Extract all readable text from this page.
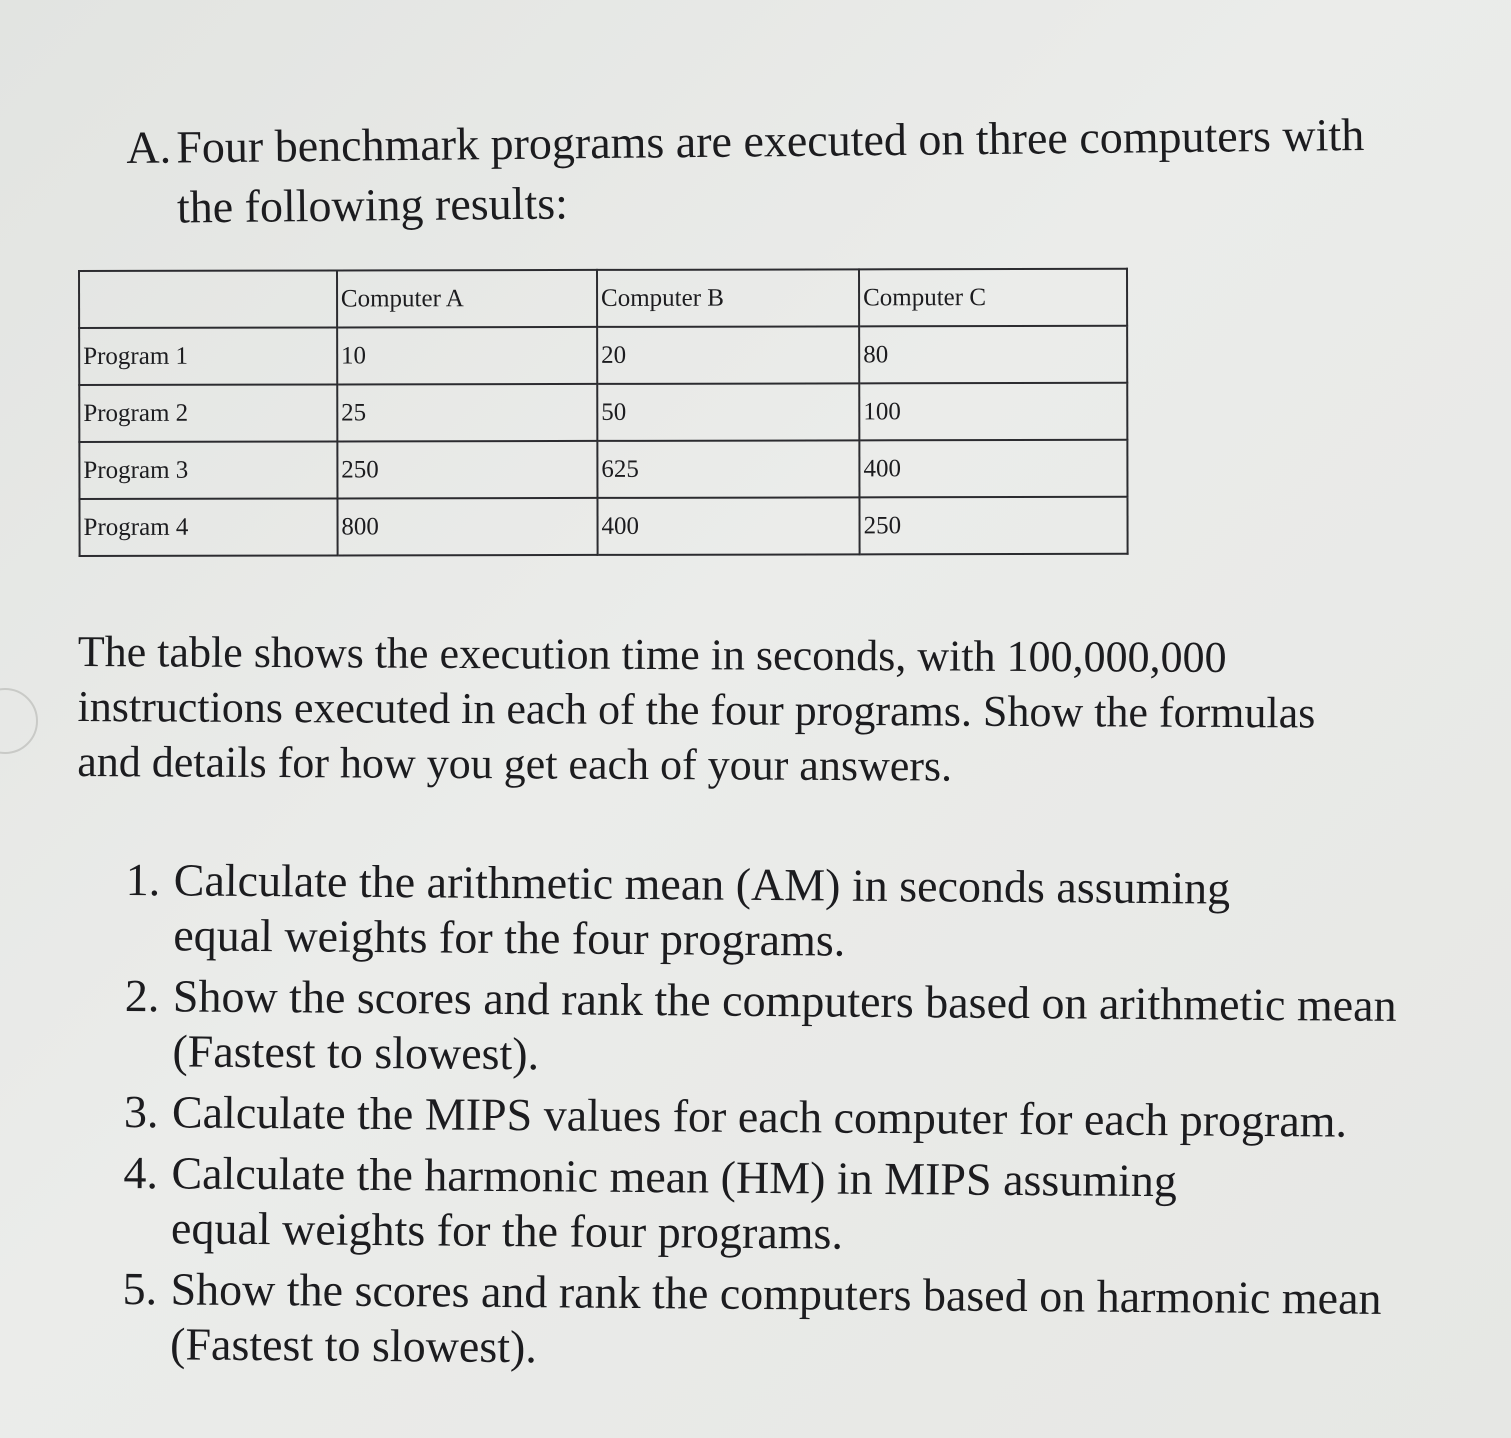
A. Four benchmark programs are executed on three computers with
the following results:
	Computer A	Computer B	Computer C
Program 1	10	20	80
Program 2	25	50	100
Program 3	250	625	400
Program 4	800	400	250
The table shows the execution time in seconds, with 100,000,000
instructions executed in each of the four programs. Show the formulas
and details for how you get each of your answers.
1. Calculate the arithmetic mean (AM) in seconds assuming
equal weights for the four programs.
2. Show the scores and rank the computers based on arithmetic mean
(Fastest to slowest).
3. Calculate the MIPS values for each computer for each program.
4. Calculate the harmonic mean (HM) in MIPS assuming
equal weights for the four programs.
5. Show the scores and rank the computers based on harmonic mean
(Fastest to slowest).
